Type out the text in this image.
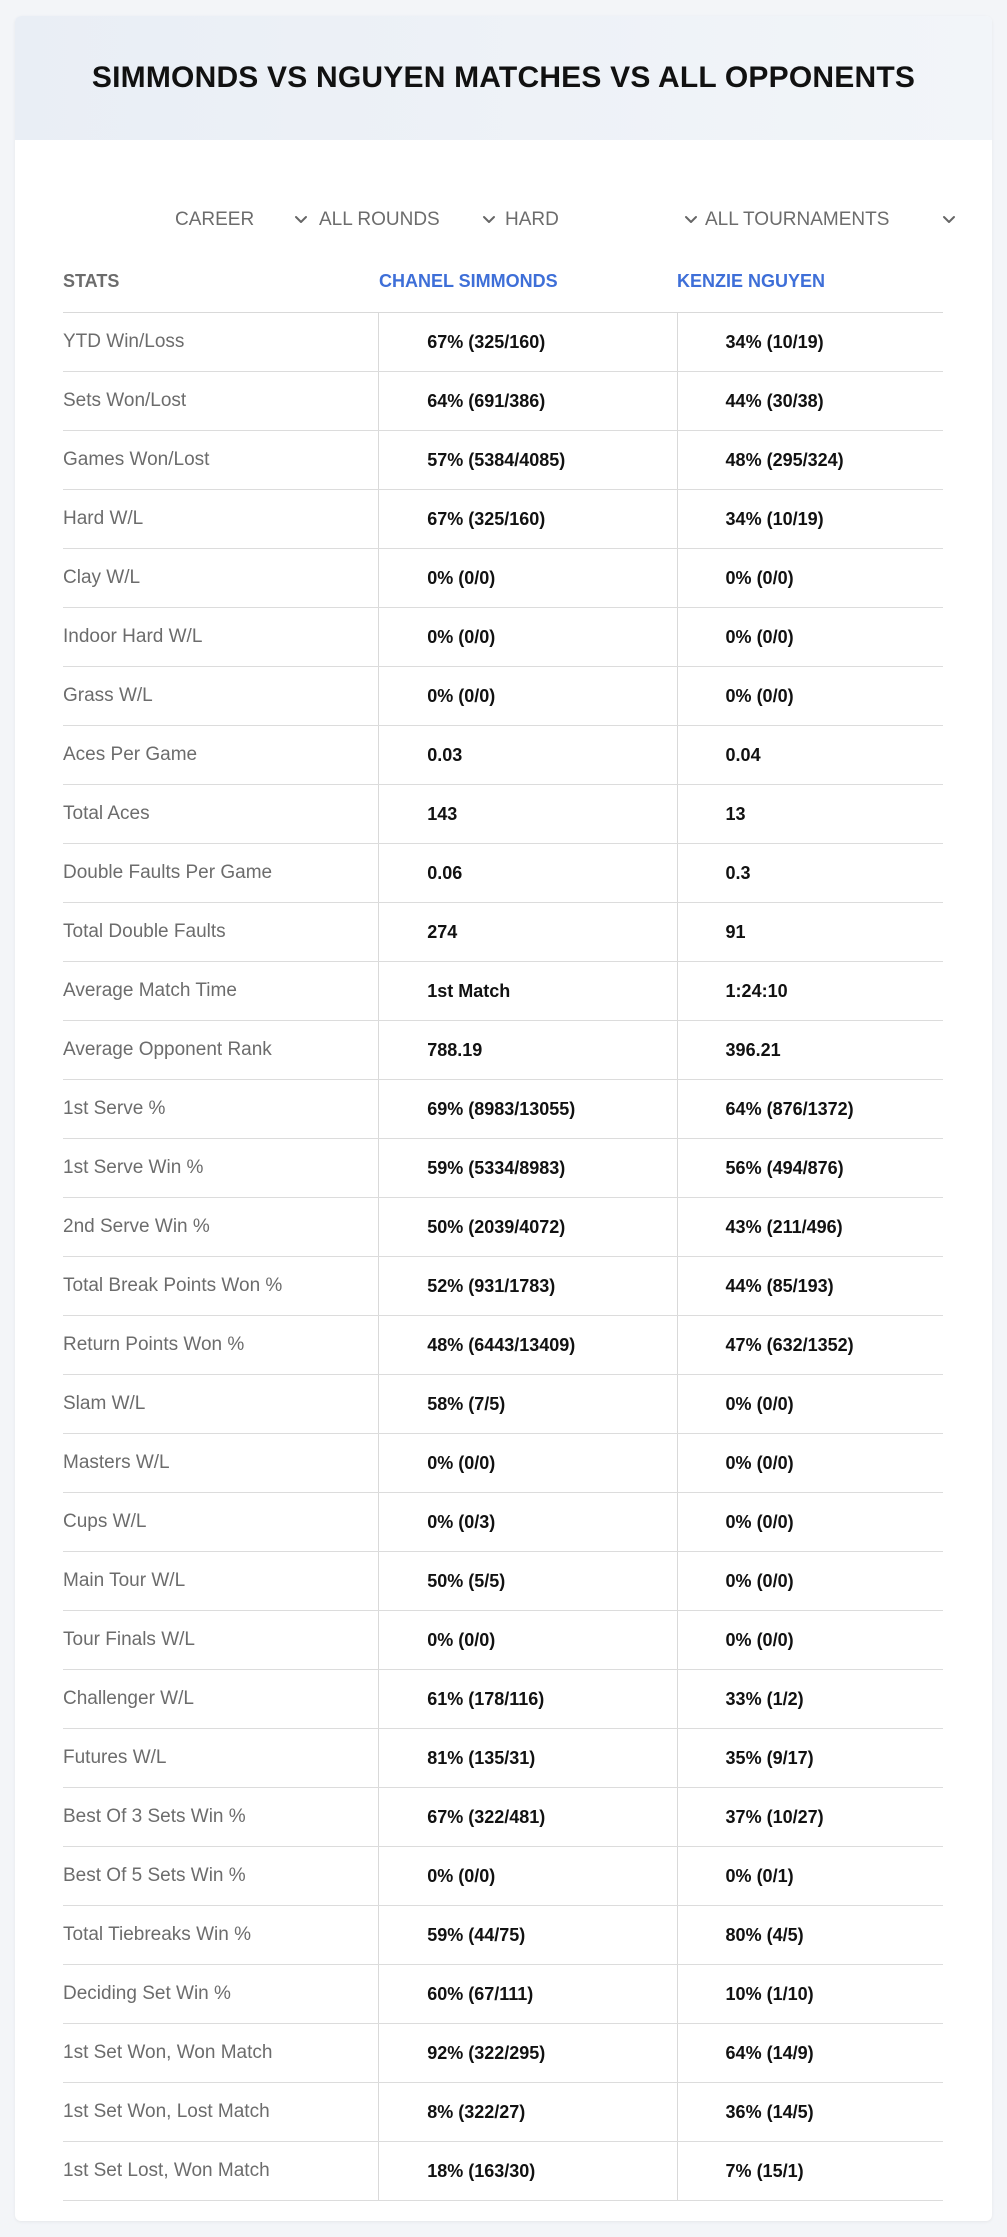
SIMMONDS VS NGUYEN MATCHES VS ALL OPPONENTS
CAREER	ALL ROUNDS	HARD	ALL TOURNAMENTS
STATS	CHANEL SIMMONDS	KENZIE NGUYEN
YTD Win/Loss	67% (325/160)	34% (10/19)
Sets Won/Lost	64% (691/386)	44% (30/38)
Games Won/Lost	57% (5384/4085)	48% (295/324)
Hard W/L	67% (325/160)	34% (10/19)
Clay W/L	0% (0/0)	0% (0/0)
Indoor Hard W/L	0% (0/0)	0% (0/0)
Grass W/L	0% (0/0)	0% (0/0)
Aces Per Game	0.03	0.04
Total Aces	143	13
Double Faults Per Game	0.06	0.3
Total Double Faults	274	91
Average Match Time	1st Match	1:24:10
Average Opponent Rank	788.19	396.21
1st Serve %	69% (8983/13055)	64% (876/1372)
1st Serve Win %	59% (5334/8983)	56% (494/876)
2nd Serve Win %	50% (2039/4072)	43% (211/496)
Total Break Points Won %	52% (931/1783)	44% (85/193)
Return Points Won %	48% (6443/13409)	47% (632/1352)
Slam W/L	58% (7/5)	0% (0/0)
Masters W/L	0% (0/0)	0% (0/0)
Cups W/L	0% (0/3)	0% (0/0)
Main Tour W/L	50% (5/5)	0% (0/0)
Tour Finals W/L	0% (0/0)	0% (0/0)
Challenger W/L	61% (178/116)	33% (1/2)
Futures W/L	81% (135/31)	35% (9/17)
Best Of 3 Sets Win %	67% (322/481)	37% (10/27)
Best Of 5 Sets Win %	0% (0/0)	0% (0/1)
Total Tiebreaks Win %	59% (44/75)	80% (4/5)
Deciding Set Win %	60% (67/111)	10% (1/10)
1st Set Won, Won Match	92% (322/295)	64% (14/9)
1st Set Won, Lost Match	8% (322/27)	36% (14/5)
1st Set Lost, Won Match	18% (163/30)	7% (15/1)
